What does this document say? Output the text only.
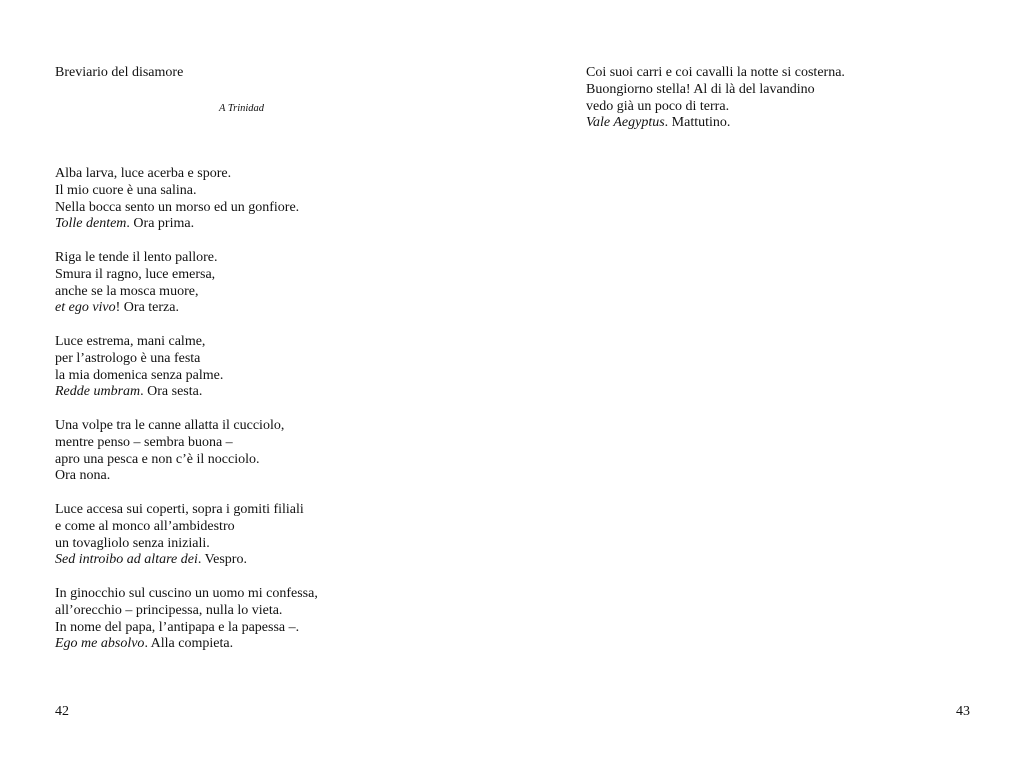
Breviario del disamore
A Trinidad

Alba larva, luce acerba e spore.
Il mio cuore è una salina.
Nella bocca sento un morso ed un gonfiore.
Tolle dentem. Ora prima.

Riga le tende il lento pallore.
Smura il ragno, luce emersa,
anche se la mosca muore,
et ego vivo! Ora terza.

Luce estrema, mani calme,
per l’astrologo è una festa
la mia domenica senza palme.
Redde umbram. Ora sesta.

Una volpe tra le canne allatta il cucciolo,
mentre penso – sembra buona –
apro una pesca e non c’è il nocciolo.
Ora nona.

Luce accesa sui coperti, sopra i gomiti filiali
e come al monco all’ambidestro
un tovagliolo senza iniziali.
Sed introibo ad altare dei. Vespro.

In ginocchio sul cuscino un uomo mi confessa,
all’orecchio – principessa, nulla lo vieta.
In nome del papa, l’antipapa e la papessa –.
Ego me absolvo. Alla compieta.

42

Coi suoi carri e coi cavalli la notte si costerna.
Buongiorno stella! Al di là del lavandino
vedo già un poco di terra.
Vale Aegyptus. Mattutino.

43
